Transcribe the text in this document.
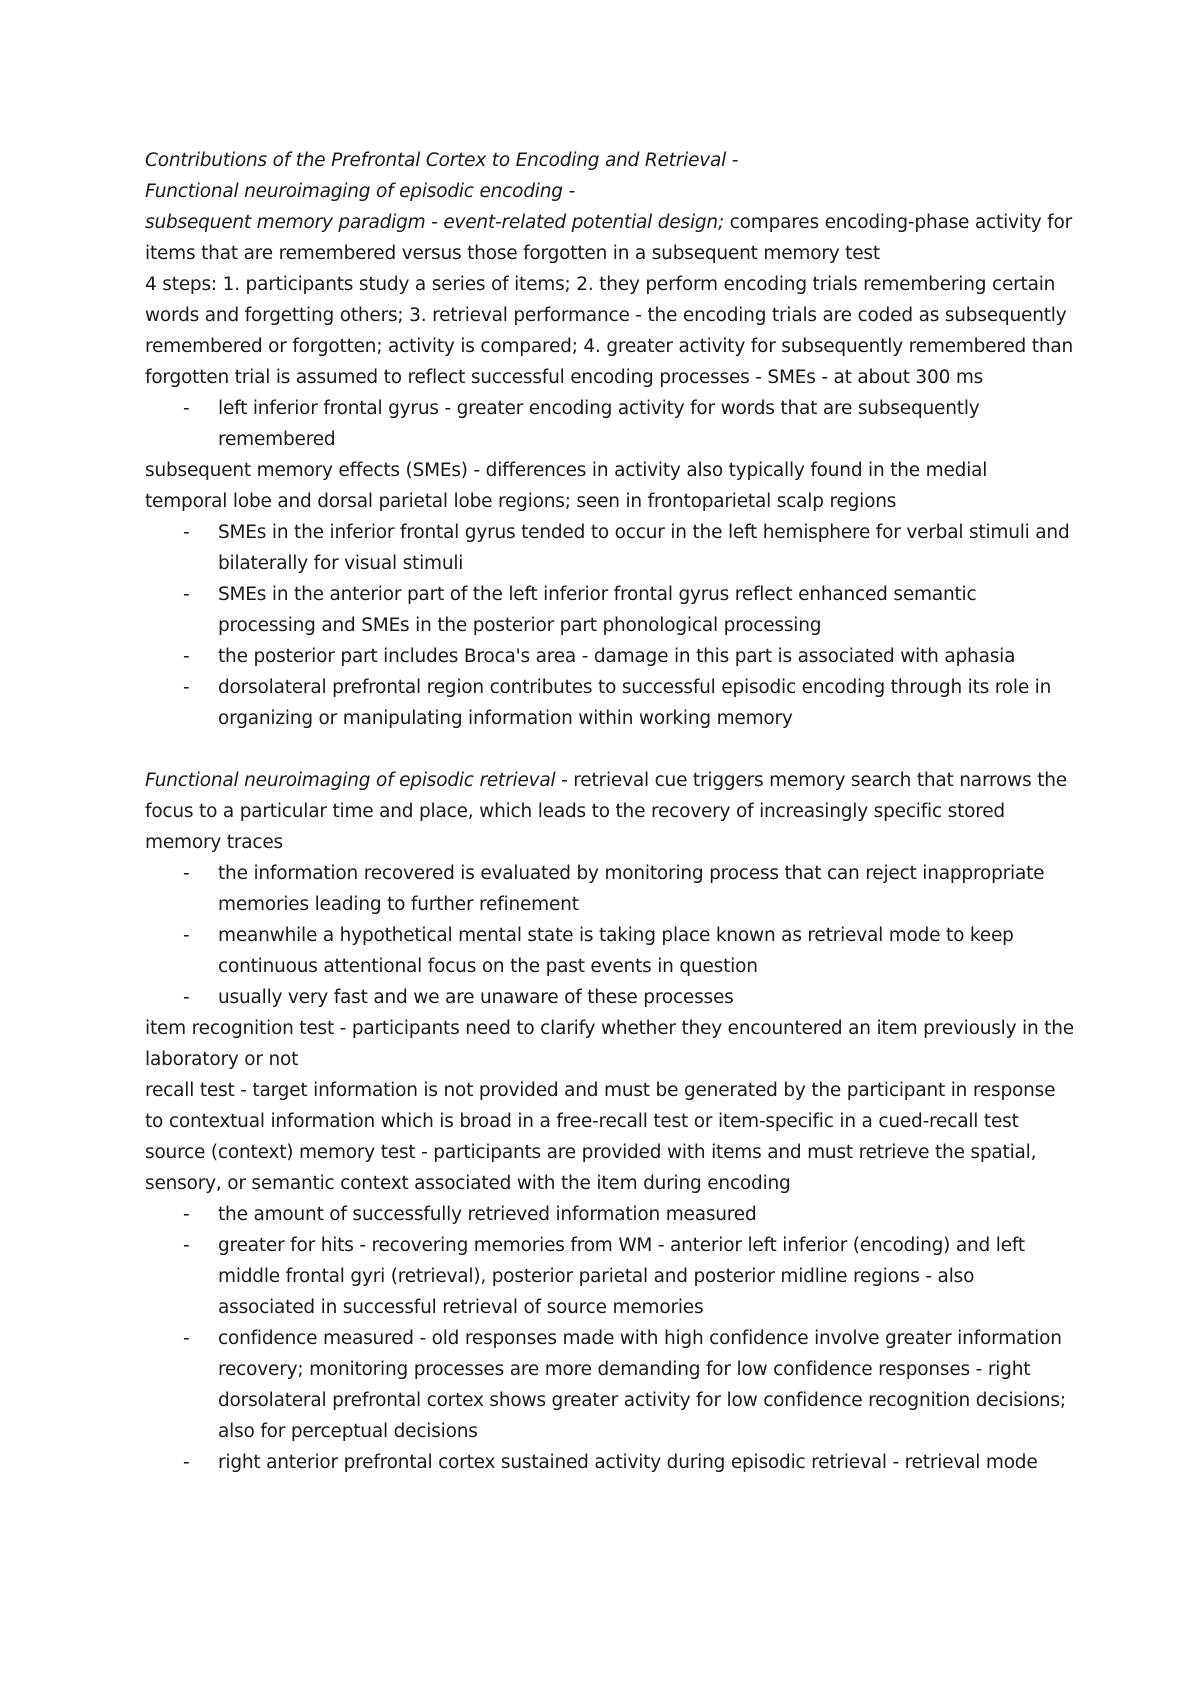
Contributions of the Prefrontal Cortex to Encoding and Retrieval -

Functional neuroimaging of episodic encoding -

subsequent memory paradigm - event-related potential design; compares encoding-phase activity for items that are remembered versus those forgotten in a subsequent memory test

4 steps: 1. participants study a series of items; 2. they perform encoding trials remembering certain words and forgetting others; 3. retrieval performance - the encoding trials are coded as subsequently remembered or forgotten; activity is compared; 4. greater activity for subsequently remembered than forgotten trial is assumed to reflect successful encoding processes - SMEs - at about 300 ms

- left inferior frontal gyrus - greater encoding activity for words that are subsequently remembered

subsequent memory effects (SMEs) - differences in activity also typically found in the medial temporal lobe and dorsal parietal lobe regions; seen in frontoparietal scalp regions

- SMEs in the inferior frontal gyrus tended to occur in the left hemisphere for verbal stimuli and bilaterally for visual stimuli
- SMEs in the anterior part of the left inferior frontal gyrus reflect enhanced semantic processing and SMEs in the posterior part phonological processing
- the posterior part includes Broca's area - damage in this part is associated with aphasia
- dorsolateral prefrontal region contributes to successful episodic encoding through its role in organizing or manipulating information within working memory

Functional neuroimaging of episodic retrieval - retrieval cue triggers memory search that narrows the focus to a particular time and place, which leads to the recovery of increasingly specific stored memory traces

- the information recovered is evaluated by monitoring process that can reject inappropriate memories leading to further refinement
- meanwhile a hypothetical mental state is taking place known as retrieval mode to keep continuous attentional focus on the past events in question
- usually very fast and we are unaware of these processes

item recognition test - participants need to clarify whether they encountered an item previously in the laboratory or not

recall test - target information is not provided and must be generated by the participant in response to contextual information which is broad in a free-recall test or item-specific in a cued-recall test

source (context) memory test - participants are provided with items and must retrieve the spatial, sensory, or semantic context associated with the item during encoding

- the amount of successfully retrieved information measured
- greater for hits - recovering memories from WM - anterior left inferior (encoding) and left middle frontal gyri (retrieval), posterior parietal and posterior midline regions - also associated in successful retrieval of source memories
- confidence measured - old responses made with high confidence involve greater information recovery; monitoring processes are more demanding for low confidence responses - right dorsolateral prefrontal cortex shows greater activity for low confidence recognition decisions; also for perceptual decisions
- right anterior prefrontal cortex sustained activity during episodic retrieval - retrieval mode
